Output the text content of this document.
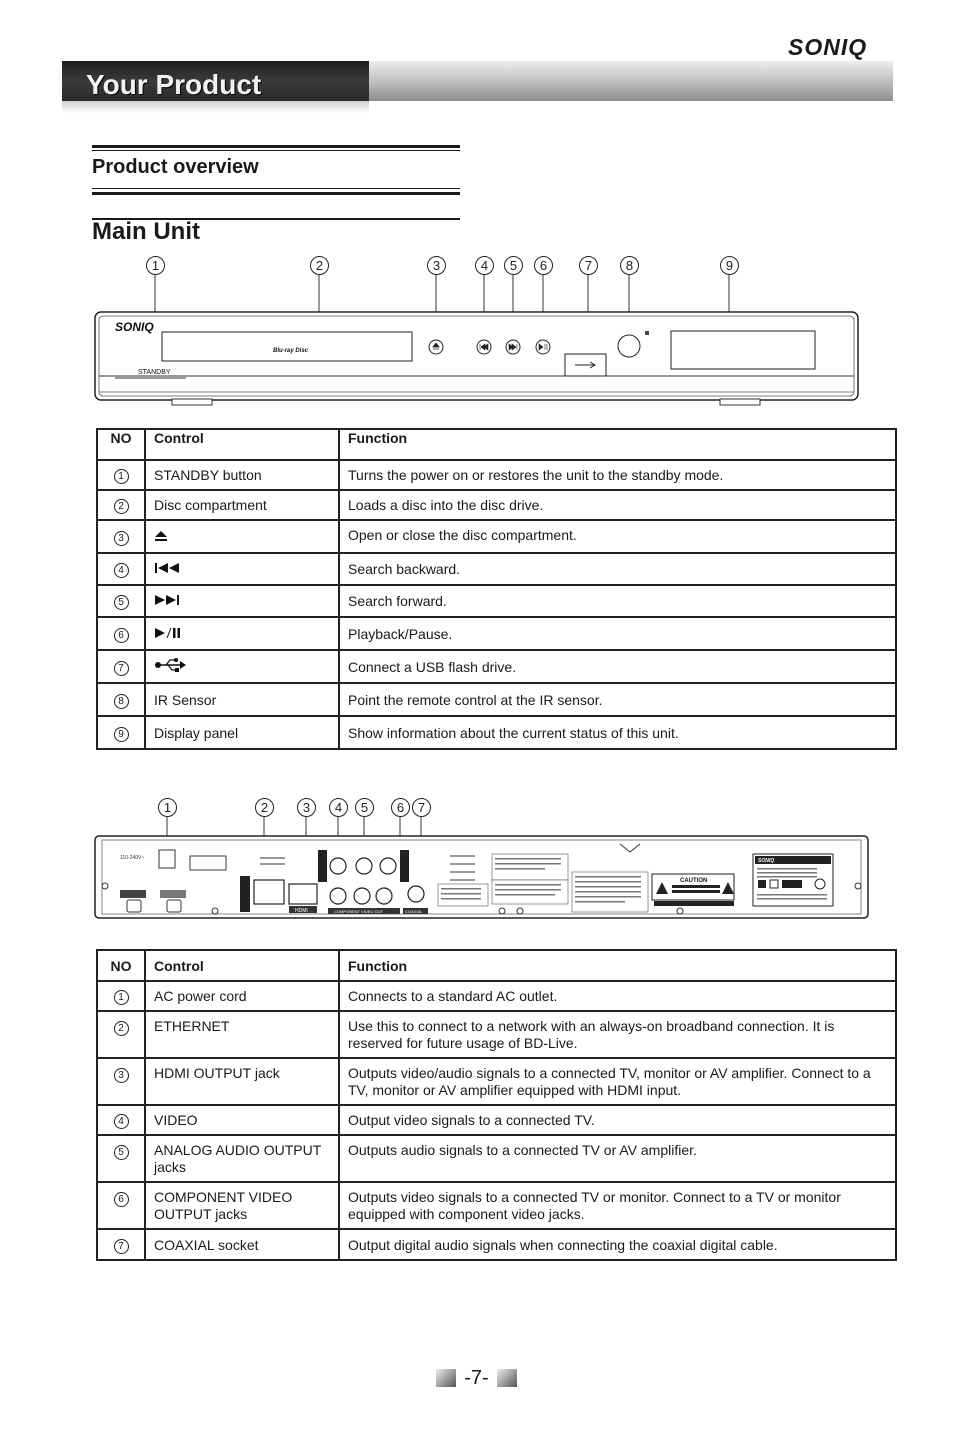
SONIQ
Your Product
Product overview
Main Unit
1	2	3	4	5	6	7	8	9
SONIQ
STANDBY
Blu-ray Disc
NO	Control	Function
1	STANDBY button	Turns the power on or restores the unit to the standby mode.
2	Disc compartment	Loads a disc into the disc drive.
3		Open or close the disc compartment.
4		Search backward.
5		Search forward.
6		Playback/Pause.
7		Connect a USB flash drive.
8	IR Sensor	Point the remote control at the IR sensor.
9	Display panel	Show information about the current status of this unit.
1	2	3	4	5	6	7
110-240V~
HDMI	COMPONENT VIDEO OUT	COAXIAL
CAUTION
SONIQ
NO	Control	Function
1	AC power cord	Connects to a standard AC outlet.
2	ETHERNET	Use this to connect to a network with an always-on broadband connection. It is reserved for future usage of BD-Live.
3	HDMI OUTPUT jack	Outputs video/audio signals to a connected TV, monitor or AV amplifier. Connect to a TV, monitor or AV amplifier equipped with HDMI input.
4	VIDEO	Output video signals to a connected TV.
5	ANALOG AUDIO OUTPUT jacks	Outputs audio signals to a connected TV or AV amplifier.
6	COMPONENT VIDEO OUTPUT jacks	Outputs video signals to a connected TV or monitor. Connect to a TV or monitor equipped with component video jacks.
7	COAXIAL socket	Output digital audio signals when connecting the coaxial digital cable.
-7-
